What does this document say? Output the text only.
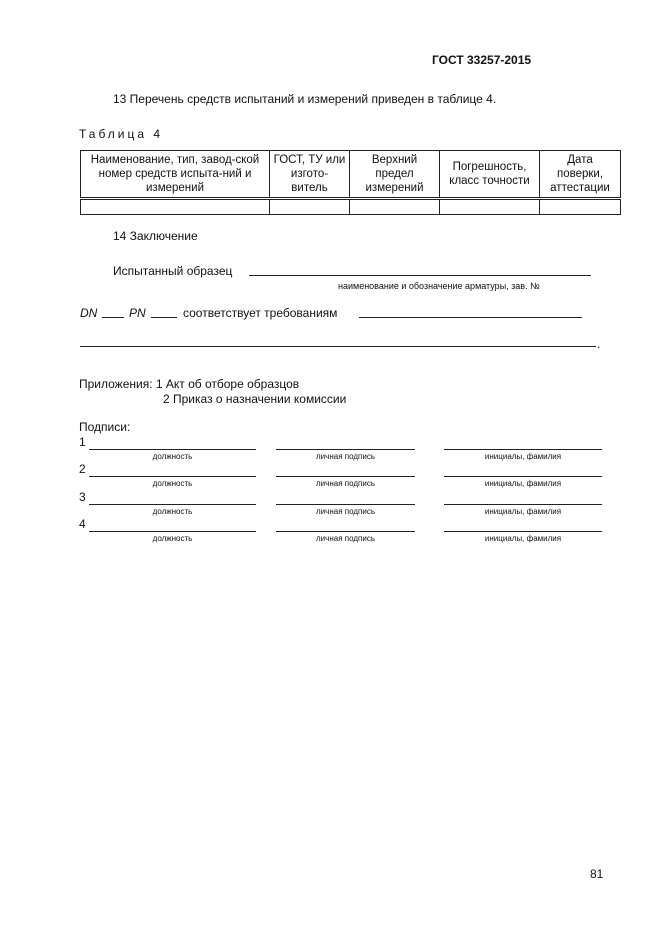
ГОСТ 33257-2015
13 Перечень средств испытаний и измерений приведен в таблице 4.
Таблица 4
Наименование, тип, завод-ской номер средств испыта-ний и измерений	ГОСТ, ТУ или изгото-витель	Верхний предел измерений	Погрешность, класс точности	Дата поверки, аттестации

14 Заключение
Испытанный образец
наименование и обозначение арматуры, зав. №
DN	PN	соответствует требованиям
.
Приложения: 1 Акт об отборе образцов
2 Приказ о назначении комиссии
Подписи:
1
должность	личная подпись	инициалы, фамилия
2
должность	личная подпись	инициалы, фамилия
3
должность	личная подпись	инициалы, фамилия
4
должность	личная подпись	инициалы, фамилия
81
